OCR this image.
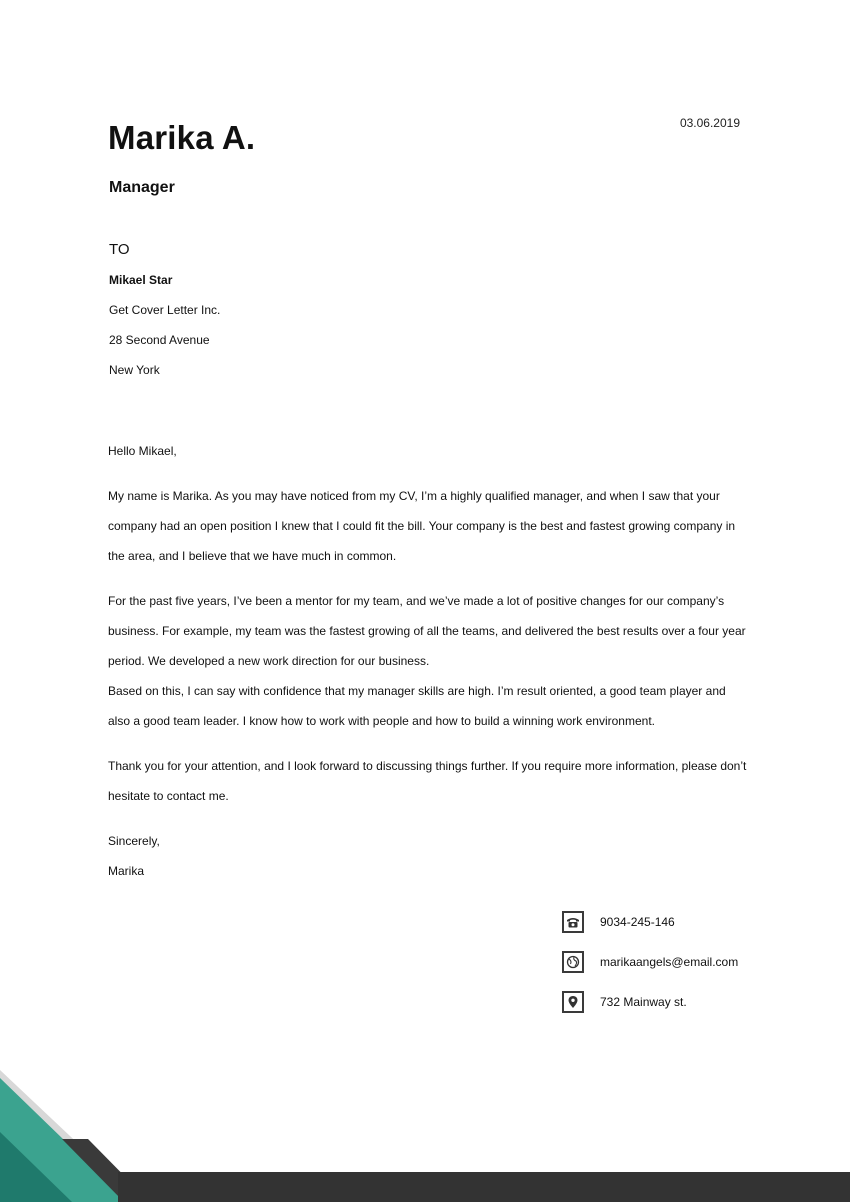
Marika A.	03.06.2019
Manager
TO
Mikael Star
Get Cover Letter Inc.
28 Second Avenue
New York

Hello Mikael,

My name is Marika. As you may have noticed from my CV, I’m a highly qualified manager, and when I saw that your company had an open position I knew that I could fit the bill. Your company is the best and fastest growing company in the area, and I believe that we have much in common.

For the past five years, I’ve been a mentor for my team, and we’ve made a lot of positive changes for our company’s business. For example, my team was the fastest growing of all the teams, and delivered the best results over a four year period. We developed a new work direction for our business.

Based on this, I can say with confidence that my manager skills are high. I’m result oriented, a good team player and also a good team leader. I know how to work with people and how to build a winning work environment.

Thank you for your attention, and I look forward to discussing things further. If you require more information, please don’t hesitate to contact me.

Sincerely,

Marika

9034-245-146
marikaangels@email.com
732 Mainway st.
